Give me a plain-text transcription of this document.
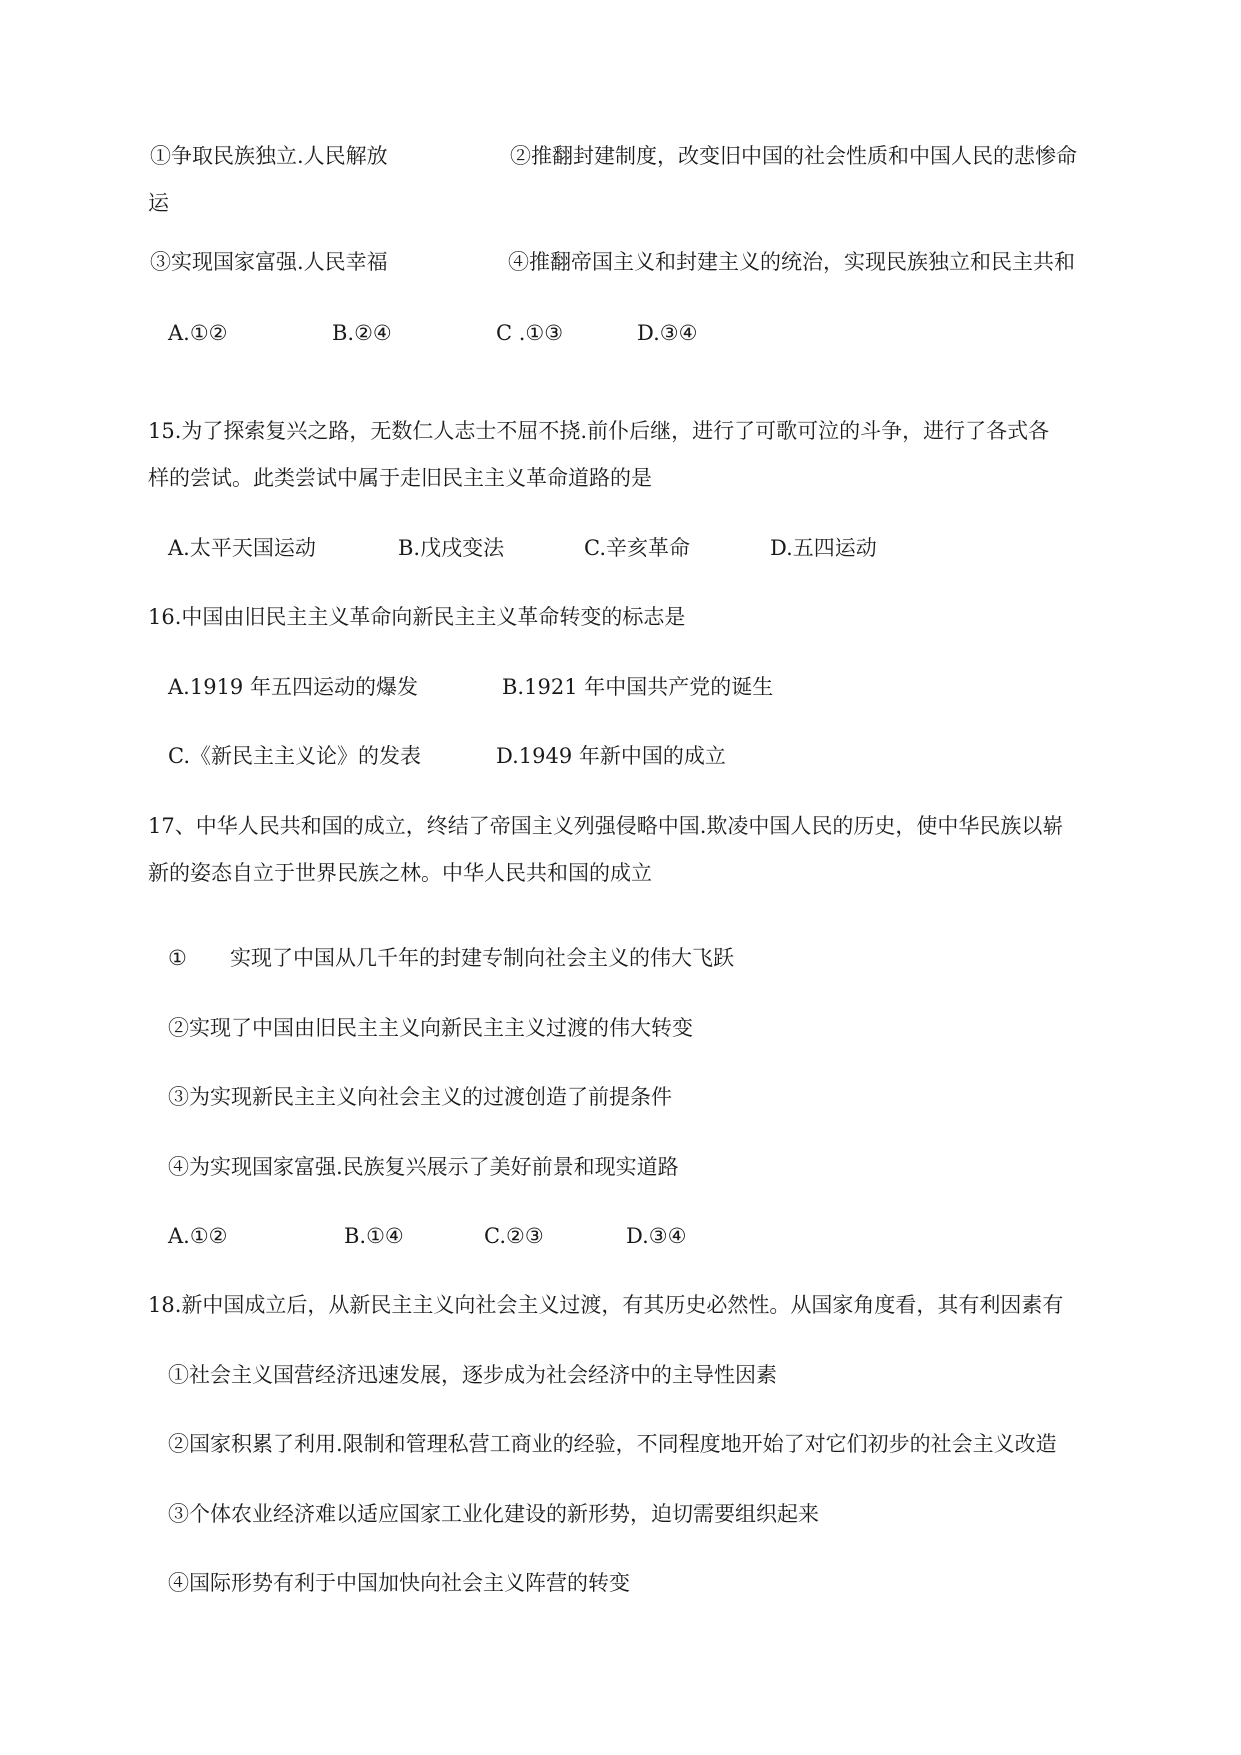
①争取民族独立.人民解放	②推翻封建制度，改变旧中国的社会性质和中国人民的悲惨命
运
③实现国家富强.人民幸福	④推翻帝国主义和封建主义的统治，实现民族独立和民主共和
A.①②	B.②④	C .①③	D.③④
15.为了探索复兴之路，无数仁人志士不屈不挠.前仆后继，进行了可歌可泣的斗争，进行了各式各
样的尝试。此类尝试中属于走旧民主主义革命道路的是
A.太平天国运动	B.戊戌变法	C.辛亥革命	D.五四运动
16.中国由旧民主主义革命向新民主主义革命转变的标志是
A.1919 年五四运动的爆发	B.1921 年中国共产党的诞生
C.《新民主主义论》的发表	D.1949 年新中国的成立
17、中华人民共和国的成立，终结了帝国主义列强侵略中国.欺凌中国人民的历史，使中华民族以崭
新的姿态自立于世界民族之林。中华人民共和国的成立
① 实现了中国从几千年的封建专制向社会主义的伟大飞跃
②实现了中国由旧民主主义向新民主主义过渡的伟大转变
③为实现新民主主义向社会主义的过渡创造了前提条件
④为实现国家富强.民族复兴展示了美好前景和现实道路
A.①②	B.①④	C.②③	D.③④
18.新中国成立后，从新民主主义向社会主义过渡，有其历史必然性。从国家角度看，其有利因素有
①社会主义国营经济迅速发展，逐步成为社会经济中的主导性因素
②国家积累了利用.限制和管理私营工商业的经验，不同程度地开始了对它们初步的社会主义改造
③个体农业经济难以适应国家工业化建设的新形势，迫切需要组织起来
④国际形势有利于中国加快向社会主义阵营的转变
